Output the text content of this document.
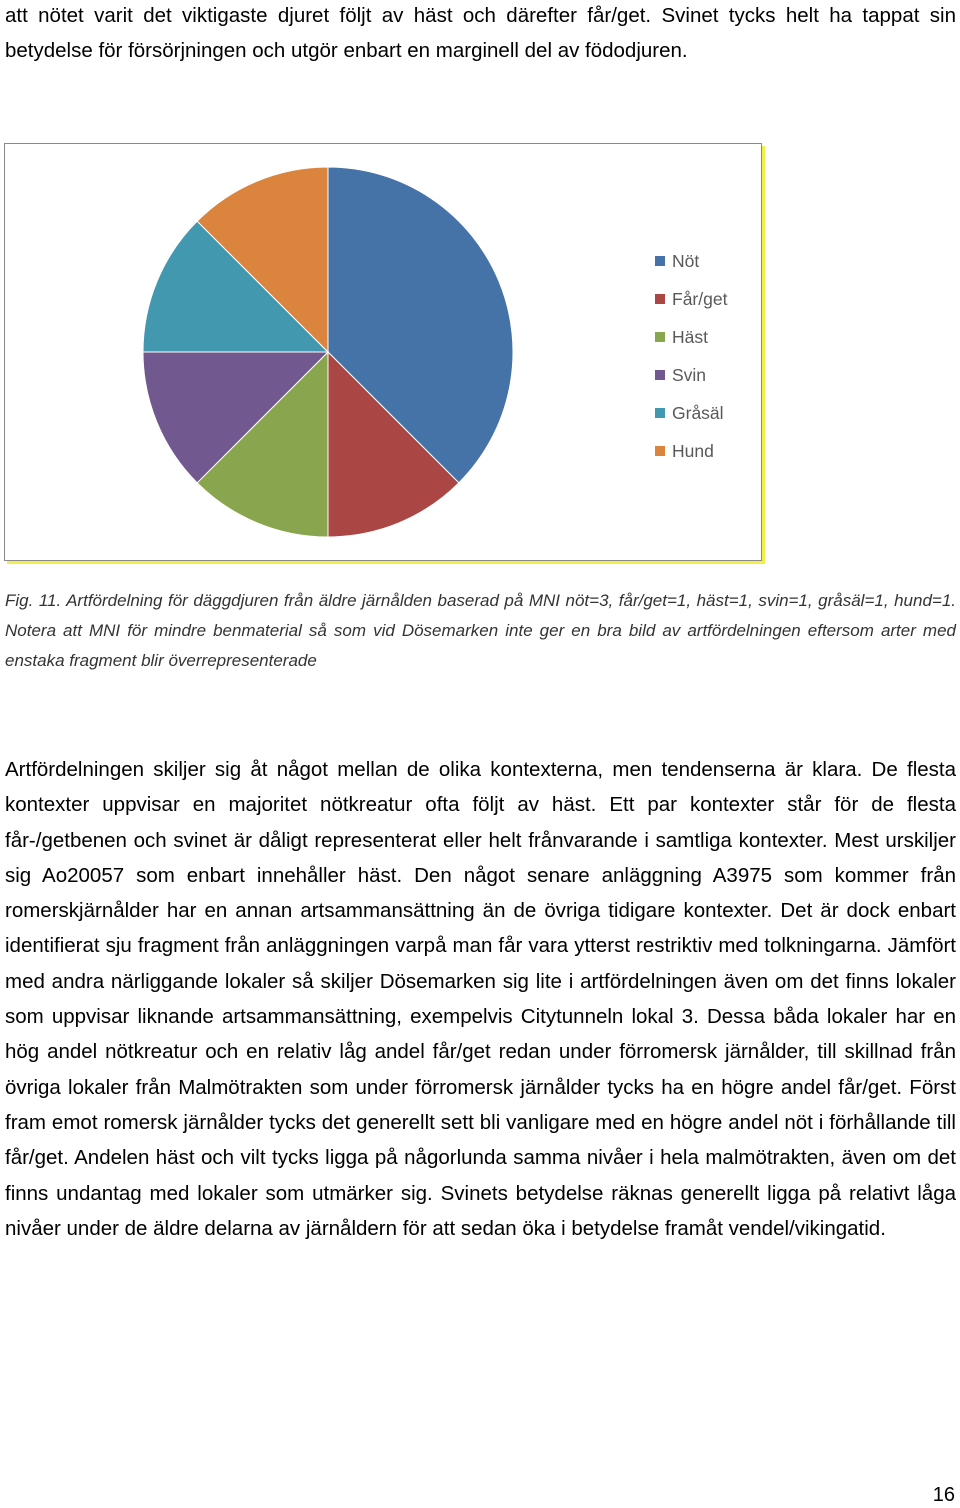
att nötet varit det viktigaste djuret följt av häst och därefter får/get. Svinet tycks helt ha tappat sin betydelse för försörjningen och utgör enbart en marginell del av födodjuren.

Nöt
Får/get
Häst
Svin
Gråsäl
Hund

Fig. 11. Artfördelning för däggdjuren från äldre järnålden baserad på MNI nöt=3, får/get=1, häst=1, svin=1, gråsäl=1, hund=1. Notera att MNI för mindre benmaterial så som vid Dösemarken inte ger en bra bild av artfördelningen eftersom arter med enstaka fragment blir överrepresenterade

Artfördelningen skiljer sig åt något mellan de olika kontexterna, men tendenserna är klara. De flesta kontexter uppvisar en majoritet nötkreatur ofta följt av häst. Ett par kontexter står för de flesta får-/getbenen och svinet är dåligt representerat eller helt frånvarande i samtliga kontexter. Mest urskiljer sig Ao20057 som enbart innehåller häst. Den något senare anläggning A3975 som kommer från romerskjärnålder har en annan artsammansättning än de övriga tidigare kontexter. Det är dock enbart identifierat sju fragment från anläggningen varpå man får vara ytterst restriktiv med tolkningarna. Jämfört med andra närliggande lokaler så skiljer Dösemarken sig lite i artfördelningen även om det finns lokaler som uppvisar liknande artsammansättning, exempelvis Citytunneln lokal 3. Dessa båda lokaler har en hög andel nötkreatur och en relativ låg andel får/get redan under förromersk järnålder, till skillnad från övriga lokaler från Malmötrakten som under förromersk järnålder tycks ha en högre andel får/get. Först fram emot romersk järnålder tycks det generellt sett bli vanligare med en högre andel nöt i förhållande till får/get. Andelen häst och vilt tycks ligga på någorlunda samma nivåer i hela malmötrakten, även om det finns undantag med lokaler som utmärker sig. Svinets betydelse räknas generellt ligga på relativt låga nivåer under de äldre delarna av järnåldern för att sedan öka i betydelse framåt vendel/vikingatid.

16
